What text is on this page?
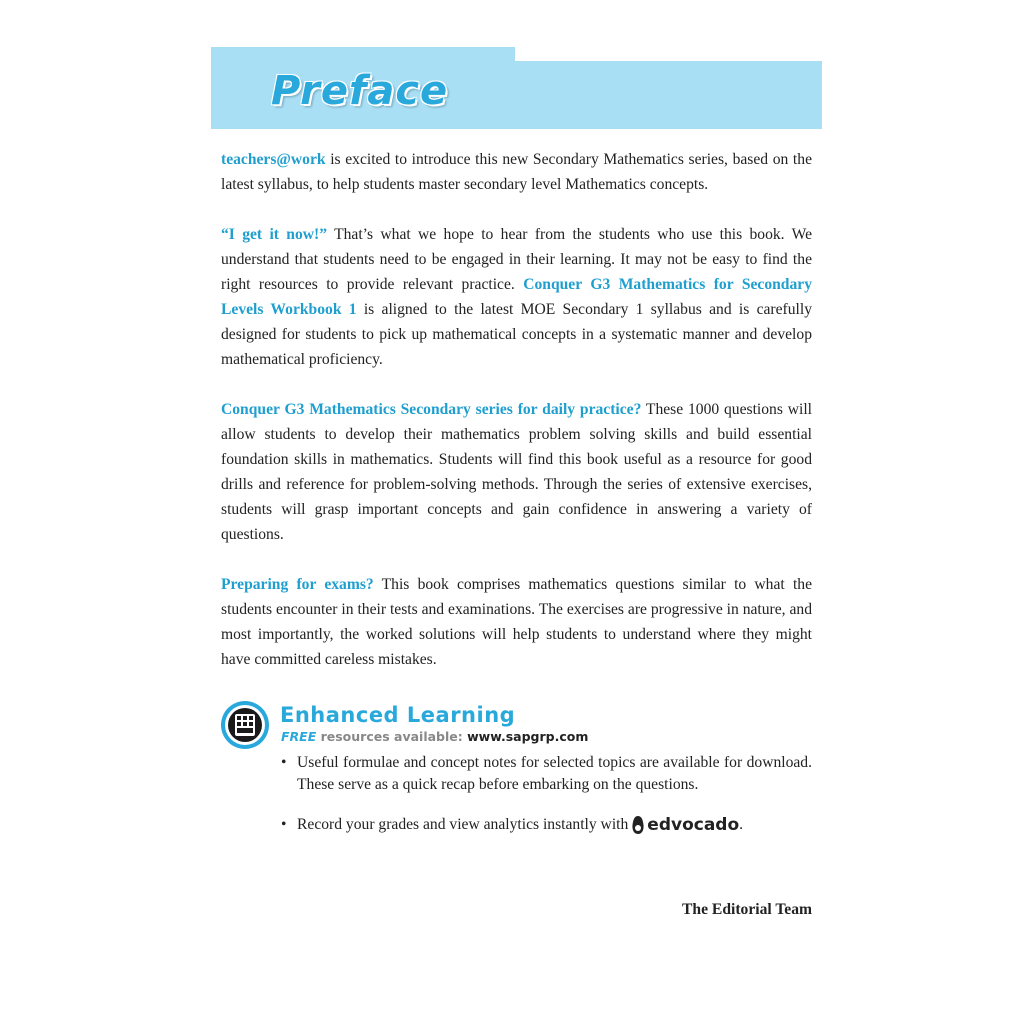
Preface

teachers@work is excited to introduce this new Secondary Mathematics series, based on the latest syllabus, to help students master secondary level Mathematics concepts.

“I get it now!” That’s what we hope to hear from the students who use this book. We understand that students need to be engaged in their learning. It may not be easy to find the right resources to provide relevant practice. Conquer G3 Mathematics for Secondary Levels Workbook 1 is aligned to the latest MOE Secondary 1 syllabus and is carefully designed for students to pick up mathematical concepts in a systematic manner and develop mathematical proficiency.

Conquer G3 Mathematics Secondary series for daily practice? These 1000 questions will allow students to develop their mathematics problem solving skills and build essential foundation skills in mathematics. Students will find this book useful as a resource for good drills and reference for problem-solving methods. Through the series of extensive exercises, students will grasp important concepts and gain confidence in answering a variety of questions.

Preparing for exams? This book comprises mathematics questions similar to what the students encounter in their tests and examinations. The exercises are progressive in nature, and most importantly, the worked solutions will help students to understand where they might have committed careless mistakes.

Enhanced Learning
FREE resources available: www.sapgrp.com
• Useful formulae and concept notes for selected topics are available for download. These serve as a quick recap before embarking on the questions.
• Record your grades and view analytics instantly with edvocado .
The Editorial Team
